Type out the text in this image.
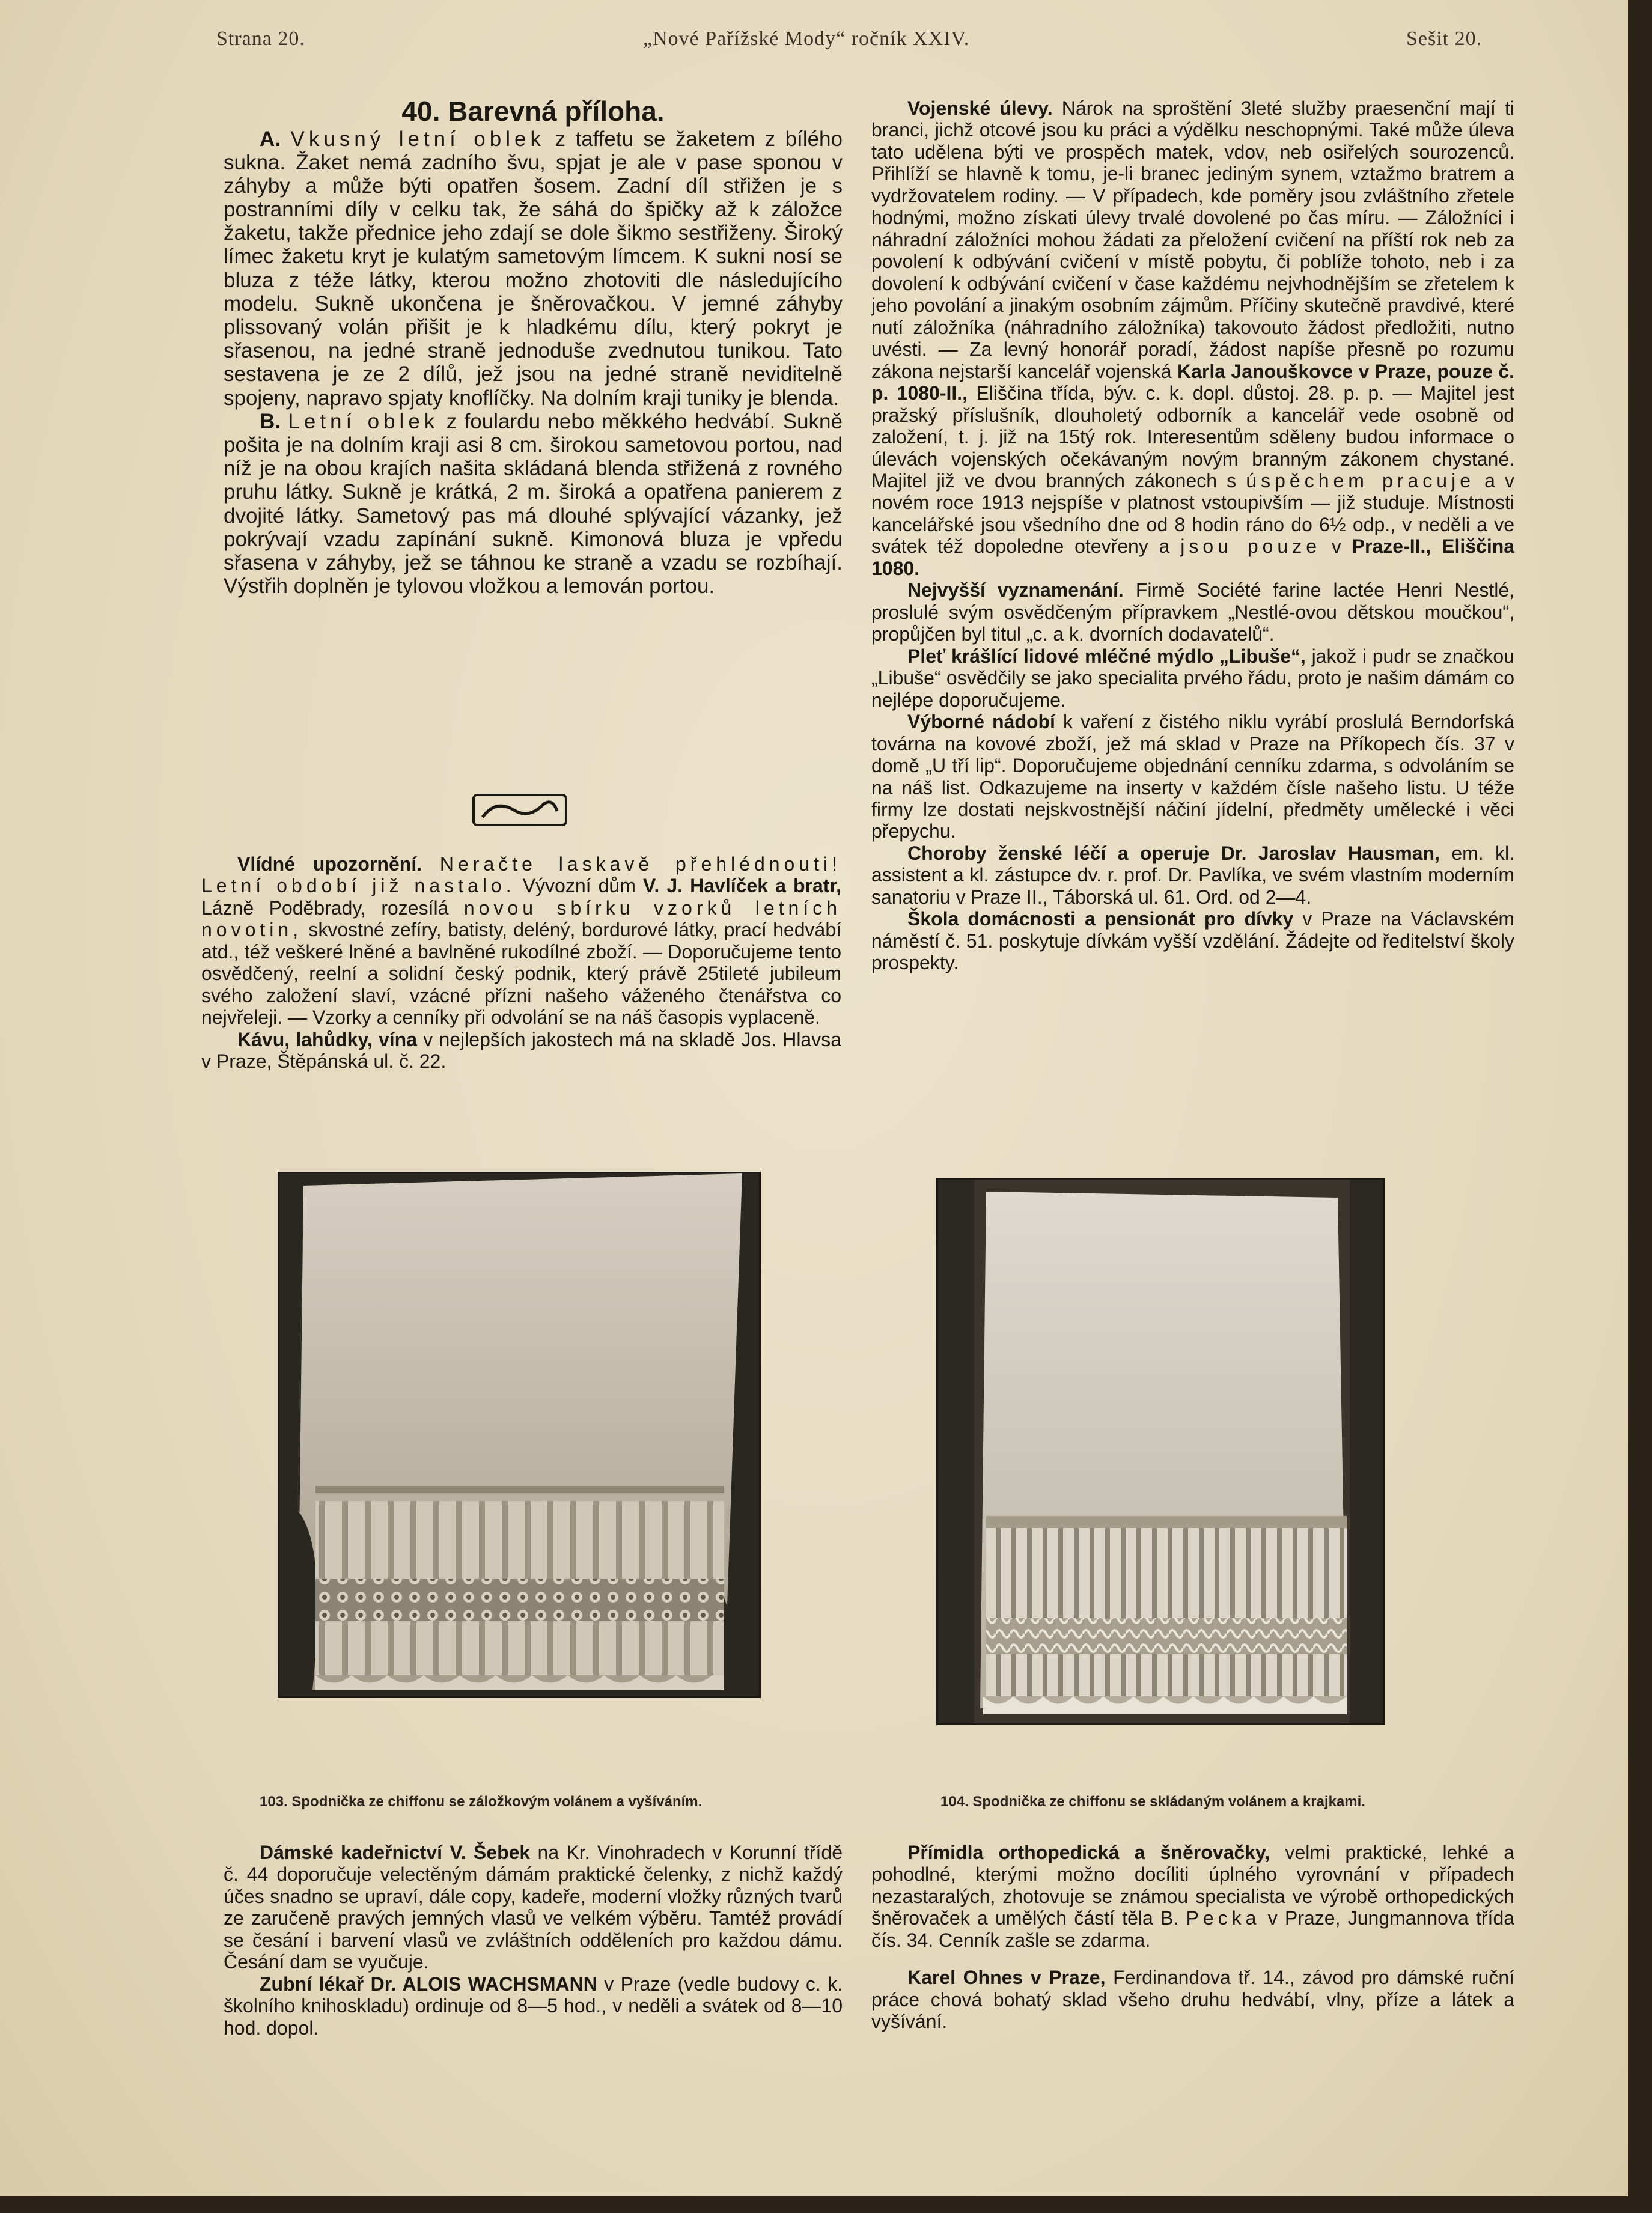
Strana 20.	„Nové Pařížské Mody“ ročník XXIV.	Sešit 20.

40. Barevná příloha.

A. Vkusný letní oblek z taffetu se žaketem z bílého sukna. Žaket nemá zadního švu, spjat je ale v pase sponou v záhyby a může býti opatřen šosem. Zadní díl střižen je s postranními díly v celku tak, že sáhá do špičky až k záložce žaketu, takže přednice jeho zdají se dole šikmo sestřiženy. Široký límec žaketu kryt je kulatým sametovým límcem. K sukni nosí se bluza z téže látky, kterou možno zhotoviti dle následujícího modelu. Sukně ukončena je šněrovačkou. V jemné záhyby plissovaný volán přišit je k hladkému dílu, který pokryt je sřasenou, na jedné straně jednoduše zvednutou tunikou. Tato sestavena je ze 2 dílů, jež jsou na jedné straně neviditelně spojeny, napravo spjaty knoflíčky. Na dolním kraji tuniky je blenda.

B. Letní oblek z foulardu nebo měkkého hedvábí. Sukně pošita je na dolním kraji asi 8 cm. širokou sametovou portou, nad níž je na obou krajích našita skládaná blenda střižená z rovného pruhu látky. Sukně je krátká, 2 m. široká a opatřena panierem z dvojité látky. Sametový pas má dlouhé splývající vázanky, jež pokrývají vzadu zapínání sukně. Kimonová bluza je vpředu sřasena v záhyby, jež se táhnou ke straně a vzadu se rozbíhají. Výstřih doplněn je tylovou vložkou a lemován portou.

Vlídné upozornění. Neračte laskavě přehlédnouti! Letní období již nastalo. Vývozní dům V. J. Havlíček a bratr, Lázně Poděbrady, rozesílá novou sbírku vzorků letních novotin, skvostné zefíry, batisty, deléný, bordurové látky, prací hedvábí atd., též veškeré lněné a bavlněné rukodílné zboží. — Doporučujeme tento osvědčený, reelní a solidní český podnik, který právě 25tileté jubileum svého založení slaví, vzácné přízni našeho váženého čtenářstva co nejvřeleji. — Vzorky a cenníky při odvolání se na náš časopis vyplaceně.

Kávu, lahůdky, vína v nejlepších jakostech má na skladě Jos. Hlavsa v Praze, Štěpánská ul. č. 22.

Vojenské úlevy. Nárok na sproštění 3leté služby praesenční mají ti branci, jichž otcové jsou ku práci a výdělku neschopnými. Také může úleva tato udělena býti ve prospěch matek, vdov, neb osiřelých sourozenců. Přihlíží se hlavně k tomu, je-li branec jediným synem, vztažmo bratrem a vydržovatelem rodiny. — V případech, kde poměry jsou zvláštního zřetele hodnými, možno získati úlevy trvalé dovolené po čas míru. — Záložníci i náhradní záložníci mohou žádati za přeložení cvičení na příští rok neb za povolení k odbývání cvičení v místě pobytu, či poblíže tohoto, neb i za dovolení k odbývání cvičení v čase každému nejvhodnějším se zřetelem k jeho povolání a jinakým osobním zájmům. Příčiny skutečně pravdivé, které nutí záložníka (náhradního záložníka) takovouto žádost předložiti, nutno uvésti. — Za levný honorář poradí, žádost napíše přesně po rozumu zákona nejstarší kancelář vojenská Karla Janouškovce v Praze, pouze č. p. 1080-II., Eliščina třída, býv. c. k. dopl. důstoj. 28. p. p. — Majitel jest pražský příslušník, dlouholetý odborník a kancelář vede osobně od založení, t. j. již na 15tý rok. Interesentům sděleny budou informace o úlevách vojenských očekávaným novým branným zákonem chystané. Majitel již ve dvou branných zákonech s úspěchem pracuje a v novém roce 1913 nejspíše v platnost vstoupivším — již studuje. Místnosti kancelářské jsou všedního dne od 8 hodin ráno do 6½ odp., v neděli a ve svátek též dopoledne otevřeny a jsou pouze v Praze-II., Eliščina 1080.

Nejvyšší vyznamenání. Firmě Société farine lactée Henri Nestlé, proslulé svým osvědčeným přípravkem „Nestlé-ovou dětskou moučkou“, propůjčen byl titul „c. a k. dvorních dodavatelů“.

Pleť krášlící lidové mléčné mýdlo „Libuše“, jakož i pudr se značkou „Libuše“ osvědčily se jako specialita prvého řádu, proto je našim dámám co nejlépe doporučujeme.

Výborné nádobí k vaření z čistého niklu vyrábí proslulá Berndorfská továrna na kovové zboží, jež má sklad v Praze na Příkopech čís. 37 v domě „U tří lip“. Doporučujeme objednání cenníku zdarma, s odvoláním se na náš list. Odkazujeme na inserty v každém čísle našeho listu. U téže firmy lze dostati nejskvostnější náčiní jídelní, předměty umělecké i věci přepychu.

Choroby ženské léčí a operuje Dr. Jaroslav Hausman, em. kl. assistent a kl. zástupce dv. r. prof. Dr. Pavlíka, ve svém vlastním moderním sanatoriu v Praze II., Táborská ul. 61. Ord. od 2—4.

Škola domácnosti a pensionát pro dívky v Praze na Václavském náměstí č. 51. poskytuje dívkám vyšší vzdělání. Žádejte od ředitelství školy prospekty.

103. Spodnička ze chiffonu se záložkovým volánem a vyšíváním.	104. Spodnička ze chiffonu se skládaným volánem a krajkami.

Dámské kadeřnictví V. Šebek na Kr. Vinohradech v Korunní třídě č. 44 doporučuje velectěným dámám praktické čelenky, z nichž každý účes snadno se upraví, dále copy, kadeře, moderní vložky různých tvarů ze zaručeně pravých jemných vlasů ve velkém výběru. Tamtéž provádí se česání i barvení vlasů ve zvláštních odděleních pro každou dámu. Česání dam se vyučuje.

Zubní lékař Dr. ALOIS WACHSMANN v Praze (vedle budovy c. k. školního knihoskladu) ordinuje od 8—5 hod., v neděli a svátek od 8—10 hod. dopol.

Přímidla orthopedická a šněrovačky, velmi praktické, lehké a pohodlné, kterými možno docíliti úplného vyrovnání v případech nezastaralých, zhotovuje se známou specialista ve výrobě orthopedických šněrovaček a umělých částí těla B. Pecka v Praze, Jungmannova třída čís. 34. Cenník zašle se zdarma.

Karel Ohnes v Praze, Ferdinandova tř. 14., závod pro dámské ruční práce chová bohatý sklad všeho druhu hedvábí, vlny, příze a látek a vyšívání.
